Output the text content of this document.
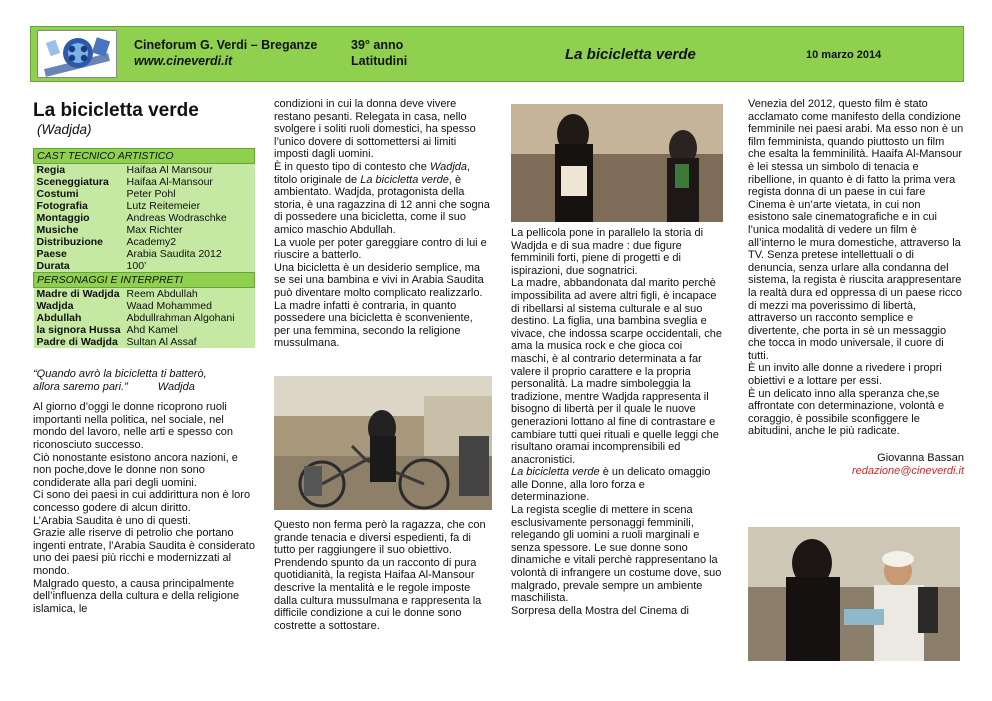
Cineforum G. Verdi – Breganze
www.cineverdi.it
39° anno
Latitudini	La bicicletta verde	10 marzo 2014
La bicicletta verde
(Wadjda)
CAST TECNICO ARTISTICO	
Regia	Haifaa Al Mansour
Sceneggiatura	Haifaa Al-Mansour
Costumi	Peter Pohl
Fotografia	Lutz Reitemeier
Montaggio	Andreas Wodraschke
Musiche	Max Richter
Distribuzione	Academy2
Paese	Arabia Saudita 2012
Durata	100’
PERSONAGGI E INTERPRETI	
Madre di Wadjda	Reem Abdullah
Wadjda	Waad Mohammed
Abdullah	Abdullrahman Algohani
la signora Hussa	Ahd Kamel
Padre di Wadjda	Sultan Al Assaf
“Quando avrò la bicicletta ti batterò,
allora saremo pari.”	Wadjda

Al giorno d’oggi le donne ricoprono ruoli importanti nella politica, nel sociale, nel mondo del lavoro, nelle arti e spesso con riconosciuto successo.

Ciò nonostante esistono ancora nazioni, e non poche,dove le donne non sono condiderate alla pari degli uomini.

Ci sono dei paesi in cui addirittura non è loro concesso godere di alcun diritto.

L’Arabia Saudita è uno di questi.

Grazie alle riserve di petrolio che portano ingenti entrate, l’Arabia Saudita è considerato uno dei paesi più ricchi e modernizzati al mondo.

Malgrado questo, a causa principalmente dell’influenza della cultura e della religione islamica, le

condizioni in cui la donna deve vivere restano pesanti. Relegata in casa, nello svolgere i soliti ruoli domestici, ha spesso l’unico dovere di sottomettersi ai limiti imposti dagli uomini.

È in questo tipo di contesto che Wadjda, titolo originale de La bicicletta verde, è ambientato. Wadjda, protagonista della storia, è una ragazzina di 12 anni che sogna di possedere una bicicletta, come il suo amico maschio Abdullah.

La vuole per poter gareggiare contro di lui e riuscire a batterlo.

Una bicicletta è un desiderio semplice, ma se sei una bambina e vivi in Arabia Saudita può diventare molto complicato realizzarlo. La madre infatti è contraria, in quanto possedere una bicicletta è sconveniente, per una femmina, secondo la religione mussulmana.

Questo non ferma però la ragazza, che con grande tenacia e diversi espedienti, fa di tutto per raggiungere il suo obiettivo.

Prendendo spunto da un racconto di pura quotidianità, la regista Haifaa Al-Mansour descrive la mentalità e le regole imposte dalla cultura mussulmana e rappresenta la difficile condizione a cui le donne sono costrette a sottostare.

La pellicola pone in parallelo la storia di Wadjda e di sua madre : due figure femminili forti, piene di progetti e di ispirazioni, due sognatrici.

La madre, abbandonata dal marito perchè impossibilita ad avere altri figli, è incapace di ribellarsi al sistema culturale e al suo destino. La figlia, una bambina sveglia e vivace, che indossa scarpe occidentali, che ama la musica rock e che gioca coi maschi, è al contrario determinata a far valere il proprio carattere e la propria personalità. La madre simboleggia la tradizione, mentre Wadjda rappresenta il bisogno di libertà per il quale le nuove generazioni lottano al fine di contrastare e cambiare tutti quei rituali e quelle leggi che risultano oramai incomprensibili ed anacronistici.

La bicicletta verde è un delicato omaggio alle Donne, alla loro forza e determinazione.

La regista sceglie di mettere in scena esclusivamente personaggi femminili, relegando gli uomini a ruoli marginali e senza spessore. Le sue donne sono dinamiche e vitali perchè rappresentano la volontà di infrangere un costume dove, suo malgrado, prevale sempre un ambiente maschilista.

Sorpresa della Mostra del Cinema di

Venezia del 2012, questo film è stato acclamato come manifesto della condizione femminile nei paesi arabi. Ma esso non è un film femminista, quando piuttosto un film che esalta la femminilità. Haaifa Al-Mansour è lei stessa un simbolo di tenacia e ribellione, in quanto è di fatto la prima vera regista donna di un paese in cui fare Cinema è un’arte vietata, in cui non esistono sale cinematografiche e in cui l’unica modalità di vedere un film è all’interno le mura domestiche, attraverso la TV. Senza pretese intellettuali o di denuncia, senza urlare alla condanna del sistema, la regista è riuscita arappresentare la realtà dura ed oppressa di un paese ricco di mezzi ma poverissimo di libertà, attraverso un racconto semplice e divertente, che porta in sè un messaggio che tocca in modo universale, il cuore di tutti.

È un invito alle donne a rivedere i propri obiettivi e a lottare per essi.

È un delicato inno alla speranza che,se affrontate con determinazione, volontà e coraggio, è possibile sconfiggere le abitudini, anche le più radicate.

Giovanna Bassan
redazione@cineverdi.it
